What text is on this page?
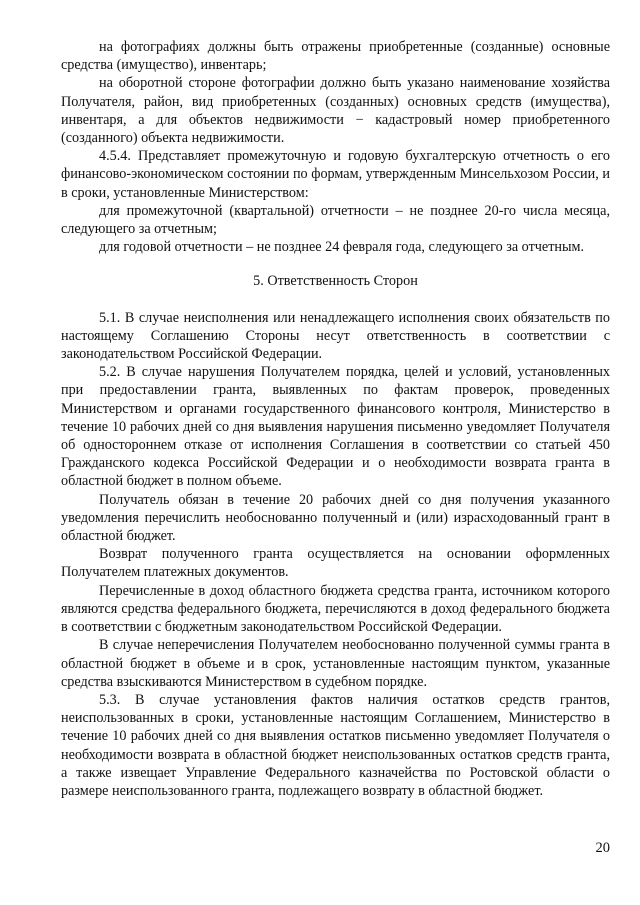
на фотографиях должны быть отражены приобретенные (созданные) основные средства (имущество), инвентарь;

на оборотной стороне фотографии должно быть указано наименование хозяйства Получателя, район, вид приобретенных (созданных) основных средств (имущества), инвентаря, а для объектов недвижимости − кадастровый номер приобретенного (созданного) объекта недвижимости.

4.5.4. Представляет промежуточную и годовую бухгалтерскую отчетность о его финансово-экономическом состоянии по формам, утвержденным Минсельхозом России, и в сроки, установленные Министерством:

для промежуточной (квартальной) отчетности – не позднее 20-го числа месяца, следующего за отчетным;

для годовой отчетности – не позднее 24 февраля года, следующего за отчетным.

5. Ответственность Сторон

5.1. В случае неисполнения или ненадлежащего исполнения своих обязательств по настоящему Соглашению Стороны несут ответственность в соответствии с законодательством Российской Федерации.

5.2. В случае нарушения Получателем порядка, целей и условий, установленных при предоставлении гранта, выявленных по фактам проверок, проведенных Министерством и органами государственного финансового контроля, Министерство в течение 10 рабочих дней со дня выявления нарушения письменно уведомляет Получателя об одностороннем отказе от исполнения Соглашения в соответствии со статьей 450 Гражданского кодекса Российской Федерации и о необходимости возврата гранта в областной бюджет в полном объеме.

Получатель обязан в течение 20 рабочих дней со дня получения указанного уведомления перечислить необоснованно полученный и (или) израсходованный грант в областной бюджет.

Возврат полученного гранта осуществляется на основании оформленных Получателем платежных документов.

Перечисленные в доход областного бюджета средства гранта, источником которого являются средства федерального бюджета, перечисляются в доход федерального бюджета в соответствии с бюджетным законодательством Российской Федерации.

В случае неперечисления Получателем необоснованно полученной суммы гранта в областной бюджет в объеме и в срок, установленные настоящим пунктом, указанные средства взыскиваются Министерством в судебном порядке.

5.3. В случае установления фактов наличия остатков средств грантов, неиспользованных в сроки, установленные настоящим Соглашением, Министерство в течение 10 рабочих дней со дня выявления остатков письменно уведомляет Получателя о необходимости возврата в областной бюджет неиспользованных остатков средств гранта, а также извещает Управление Федерального казначейства по Ростовской области о размере неиспользованного гранта, подлежащего возврату в областной бюджет.

20
